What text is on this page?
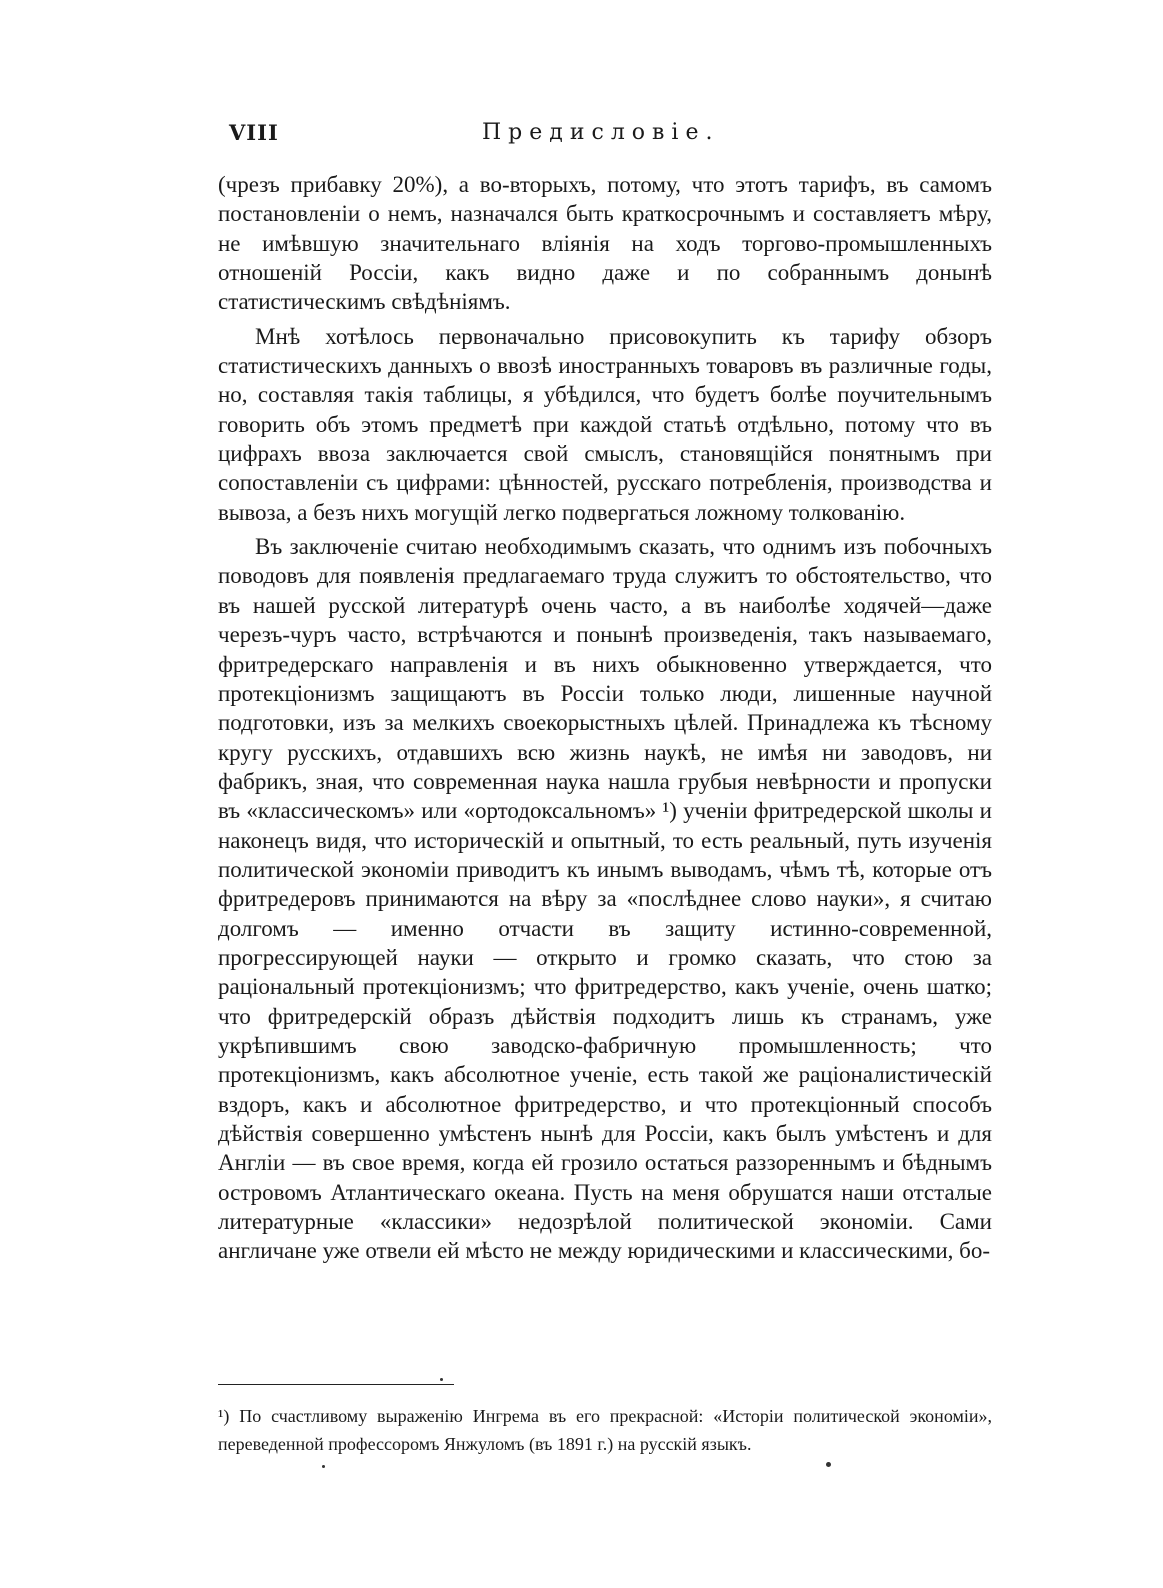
VIII	Предисловіе.

(чрезъ прибавку 20%), а во-вторыхъ, потому, что этотъ тарифъ, въ самомъ постановленіи о немъ, назначался быть краткосрочнымъ и составляетъ мѣру, не имѣвшую значительнаго вліянія на ходъ торгово-промышленныхъ отношеній Россіи, какъ видно даже и по собраннымъ донынѣ статистическимъ свѣдѣніямъ.

Мнѣ хотѣлось первоначально присовокупить къ тарифу обзоръ статистическихъ данныхъ о ввозѣ иностранныхъ товаровъ въ различные годы, но, составляя такія таблицы, я убѣдился, что будетъ болѣе поучительнымъ говорить объ этомъ предметѣ при каждой статьѣ отдѣльно, потому что въ цифрахъ ввоза заключается свой смыслъ, становящійся понятнымъ при сопоставленіи съ цифрами: цѣнностей, русскаго потребленія, производства и вывоза, а безъ нихъ могущій легко подвергаться ложному толкованію.

Въ заключеніе считаю необходимымъ сказать, что однимъ изъ побочныхъ поводовъ для появленія предлагаемаго труда служитъ то обстоятельство, что въ нашей русской литературѣ очень часто, а въ наиболѣе ходячей—даже черезъ-чуръ часто, встрѣчаются и понынѣ произведенія, такъ называемаго, фритредерскаго направленія и въ нихъ обыкновенно утверждается, что протекціонизмъ защищаютъ въ Россіи только люди, лишенные научной подготовки, изъ за мелкихъ своекорыстныхъ цѣлей. Принадлежа къ тѣсному кругу русскихъ, отдавшихъ всю жизнь наукѣ, не имѣя ни заводовъ, ни фабрикъ, зная, что современная наука нашла грубыя невѣрности и пропуски въ «классическомъ» или «ортодоксальномъ» ¹) ученіи фритредерской школы и наконецъ видя, что историческій и опытный, то есть реальный, путь изученія политической экономіи приводитъ къ инымъ выводамъ, чѣмъ тѣ, которые отъ фритредеровъ принимаются на вѣру за «послѣднее слово науки», я считаю долгомъ — именно отчасти въ защиту истинно-современной, прогрессирующей науки — открыто и громко сказать, что стою за раціональный протекціонизмъ; что фритредерство, какъ ученіе, очень шатко; что фритредерскій образъ дѣйствія подходитъ лишь къ странамъ, уже укрѣпившимъ свою заводско-фабричную промышленность; что протекціонизмъ, какъ абсолютное ученіе, есть такой же раціоналистическій вздоръ, какъ и абсолютное фритредерство, и что протекціонный способъ дѣйствія совершенно умѣстенъ нынѣ для Россіи, какъ былъ умѣстенъ и для Англіи — въ свое время, когда ей грозило остаться раззореннымъ и бѣднымъ островомъ Атлантическаго океана. Пусть на меня обрушатся наши отсталые литературные «классики» недозрѣлой политической экономіи. Сами англичане уже отвели ей мѣсто не между юридическими и классическими, бо-

¹) По счастливому выраженію Ингрема въ его прекрасной: «Исторіи политической экономіи», переведенной профессоромъ Янжуломъ (въ 1891 г.) на русскій языкъ.
